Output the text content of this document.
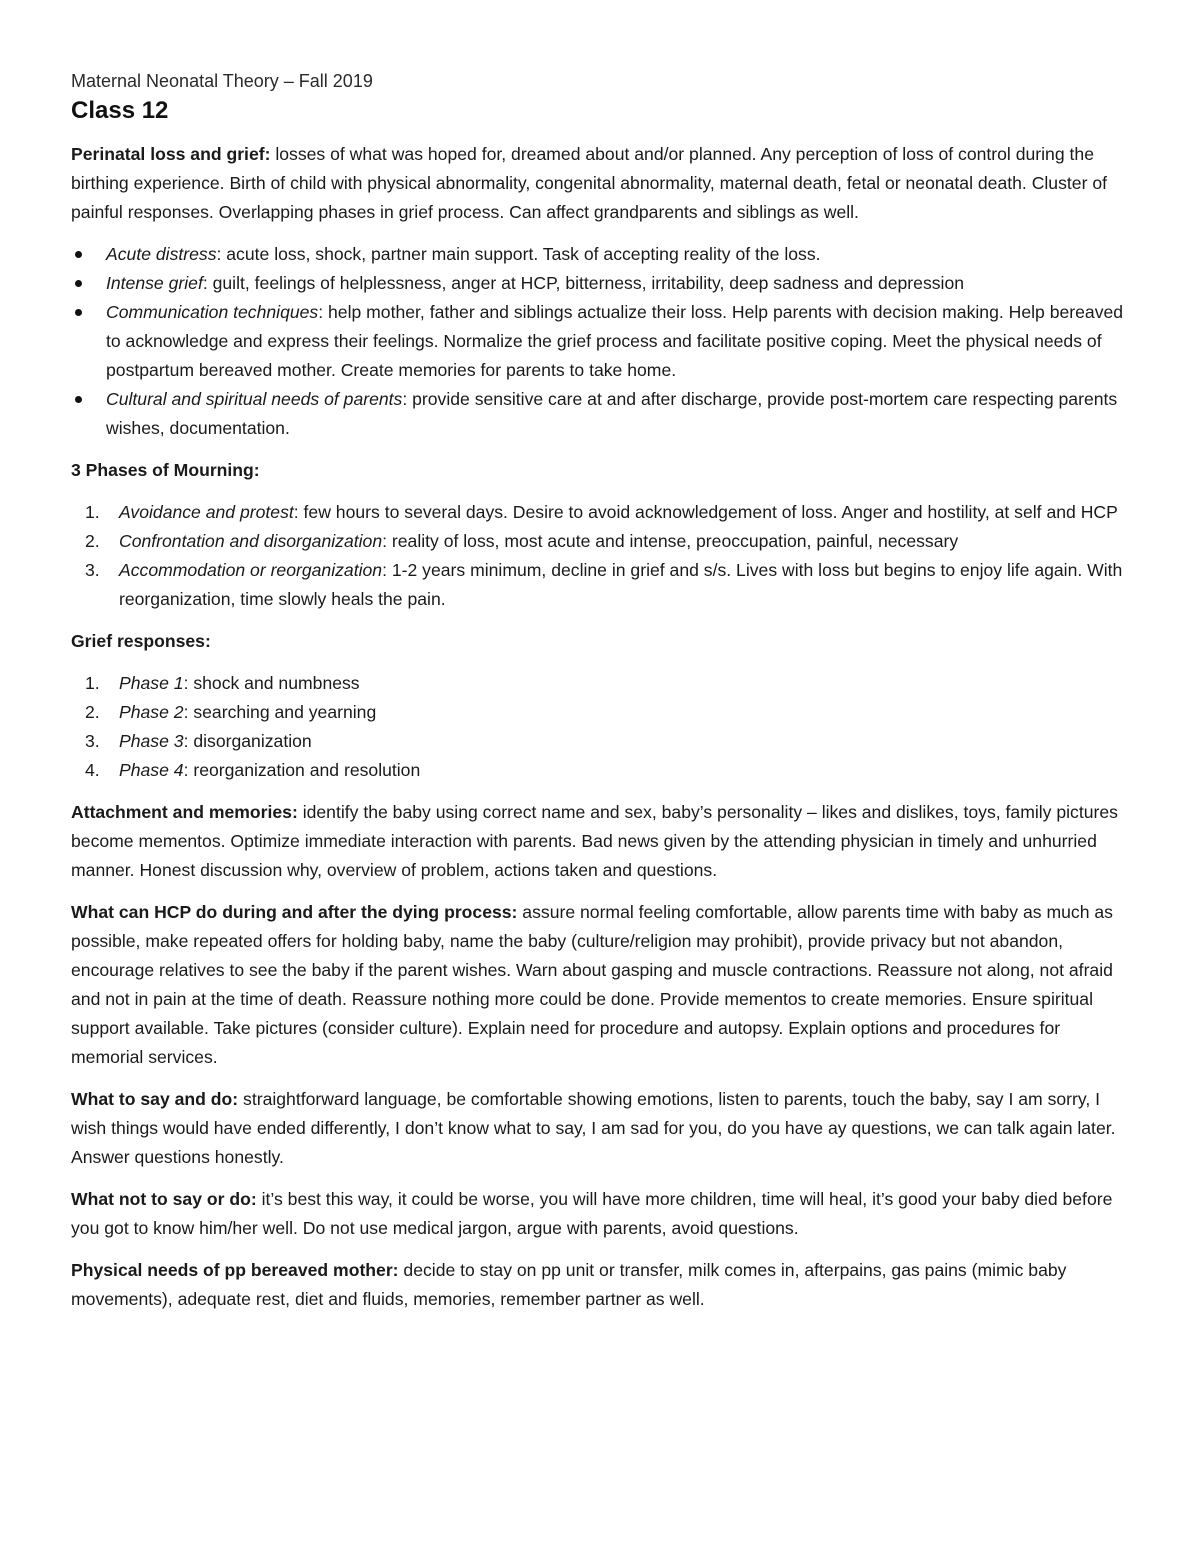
Maternal Neonatal Theory – Fall 2019

Class 12

Perinatal loss and grief: losses of what was hoped for, dreamed about and/or planned. Any perception of loss of control during the birthing experience. Birth of child with physical abnormality, congenital abnormality, maternal death, fetal or neonatal death. Cluster of painful responses. Overlapping phases in grief process. Can affect grandparents and siblings as well.

Acute distress: acute loss, shock, partner main support. Task of accepting reality of the loss.
Intense grief: guilt, feelings of helplessness, anger at HCP, bitterness, irritability, deep sadness and depression
Communication techniques: help mother, father and siblings actualize their loss. Help parents with decision making. Help bereaved to acknowledge and express their feelings. Normalize the grief process and facilitate positive coping. Meet the physical needs of postpartum bereaved mother. Create memories for parents to take home.
Cultural and spiritual needs of parents: provide sensitive care at and after discharge, provide post-mortem care respecting parents wishes, documentation.

3 Phases of Mourning:

1. Avoidance and protest: few hours to several days. Desire to avoid acknowledgement of loss. Anger and hostility, at self and HCP
2. Confrontation and disorganization: reality of loss, most acute and intense, preoccupation, painful, necessary
3. Accommodation or reorganization: 1-2 years minimum, decline in grief and s/s. Lives with loss but begins to enjoy life again. With reorganization, time slowly heals the pain.

Grief responses:

1. Phase 1: shock and numbness
2. Phase 2: searching and yearning
3. Phase 3: disorganization
4. Phase 4: reorganization and resolution

Attachment and memories: identify the baby using correct name and sex, baby’s personality – likes and dislikes, toys, family pictures become mementos. Optimize immediate interaction with parents. Bad news given by the attending physician in timely and unhurried manner. Honest discussion why, overview of problem, actions taken and questions.

What can HCP do during and after the dying process: assure normal feeling comfortable, allow parents time with baby as much as possible, make repeated offers for holding baby, name the baby (culture/religion may prohibit), provide privacy but not abandon, encourage relatives to see the baby if the parent wishes. Warn about gasping and muscle contractions. Reassure not along, not afraid and not in pain at the time of death. Reassure nothing more could be done. Provide mementos to create memories. Ensure spiritual support available. Take pictures (consider culture). Explain need for procedure and autopsy. Explain options and procedures for memorial services.

What to say and do: straightforward language, be comfortable showing emotions, listen to parents, touch the baby, say I am sorry, I wish things would have ended differently, I don’t know what to say, I am sad for you, do you have ay questions, we can talk again later. Answer questions honestly.

What not to say or do: it’s best this way, it could be worse, you will have more children, time will heal, it’s good your baby died before you got to know him/her well. Do not use medical jargon, argue with parents, avoid questions.

Physical needs of pp bereaved mother: decide to stay on pp unit or transfer, milk comes in, afterpains, gas pains (mimic baby movements), adequate rest, diet and fluids, memories, remember partner as well.
